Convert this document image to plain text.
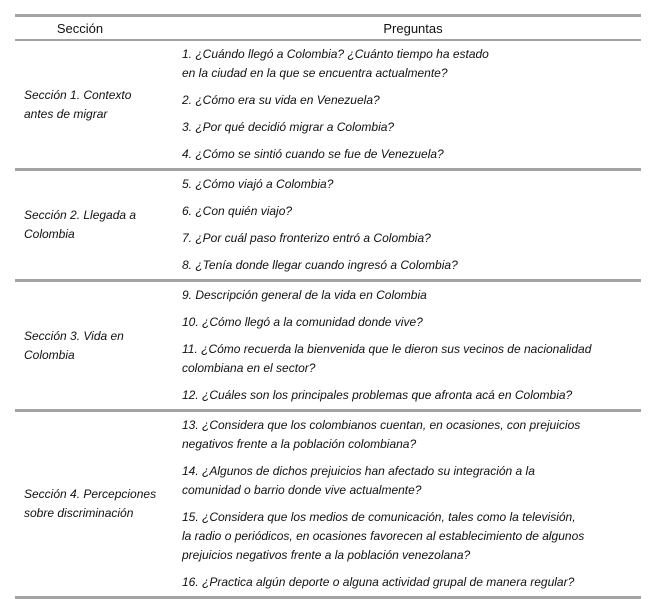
Sección	Preguntas
Sección 1. Contexto
antes de migrar
1. ¿Cuándo llegó a Colombia? ¿Cuánto tiempo ha estado
en la ciudad en la que se encuentra actualmente?
2. ¿Cómo era su vida en Venezuela?
3. ¿Por qué decidió migrar a Colombia?
4. ¿Cómo se sintió cuando se fue de Venezuela?
Sección 2. Llegada a
Colombia
5. ¿Cómo viajó a Colombia?
6. ¿Con quién viajo?
7. ¿Por cuál paso fronterizo entró a Colombia?
8. ¿Tenía donde llegar cuando ingresó a Colombia?
Sección 3. Vida en
Colombia
9. Descripción general de la vida en Colombia
10. ¿Cómo llegó a la comunidad donde vive?
11. ¿Cómo recuerda la bienvenida que le dieron sus vecinos de nacionalidad
colombiana en el sector?
12. ¿Cuáles son los principales problemas que afronta acá en Colombia?
Sección 4. Percepciones
sobre discriminación
13. ¿Considera que los colombianos cuentan, en ocasiones, con prejuicios
negativos frente a la población colombiana?
14. ¿Algunos de dichos prejuicios han afectado su integración a la
comunidad o barrio donde vive actualmente?
15. ¿Considera que los medios de comunicación, tales como la televisión,
la radio o periódicos, en ocasiones favorecen al establecimiento de algunos
prejuicios negativos frente a la población venezolana?
16. ¿Practica algún deporte o alguna actividad grupal de manera regular?
